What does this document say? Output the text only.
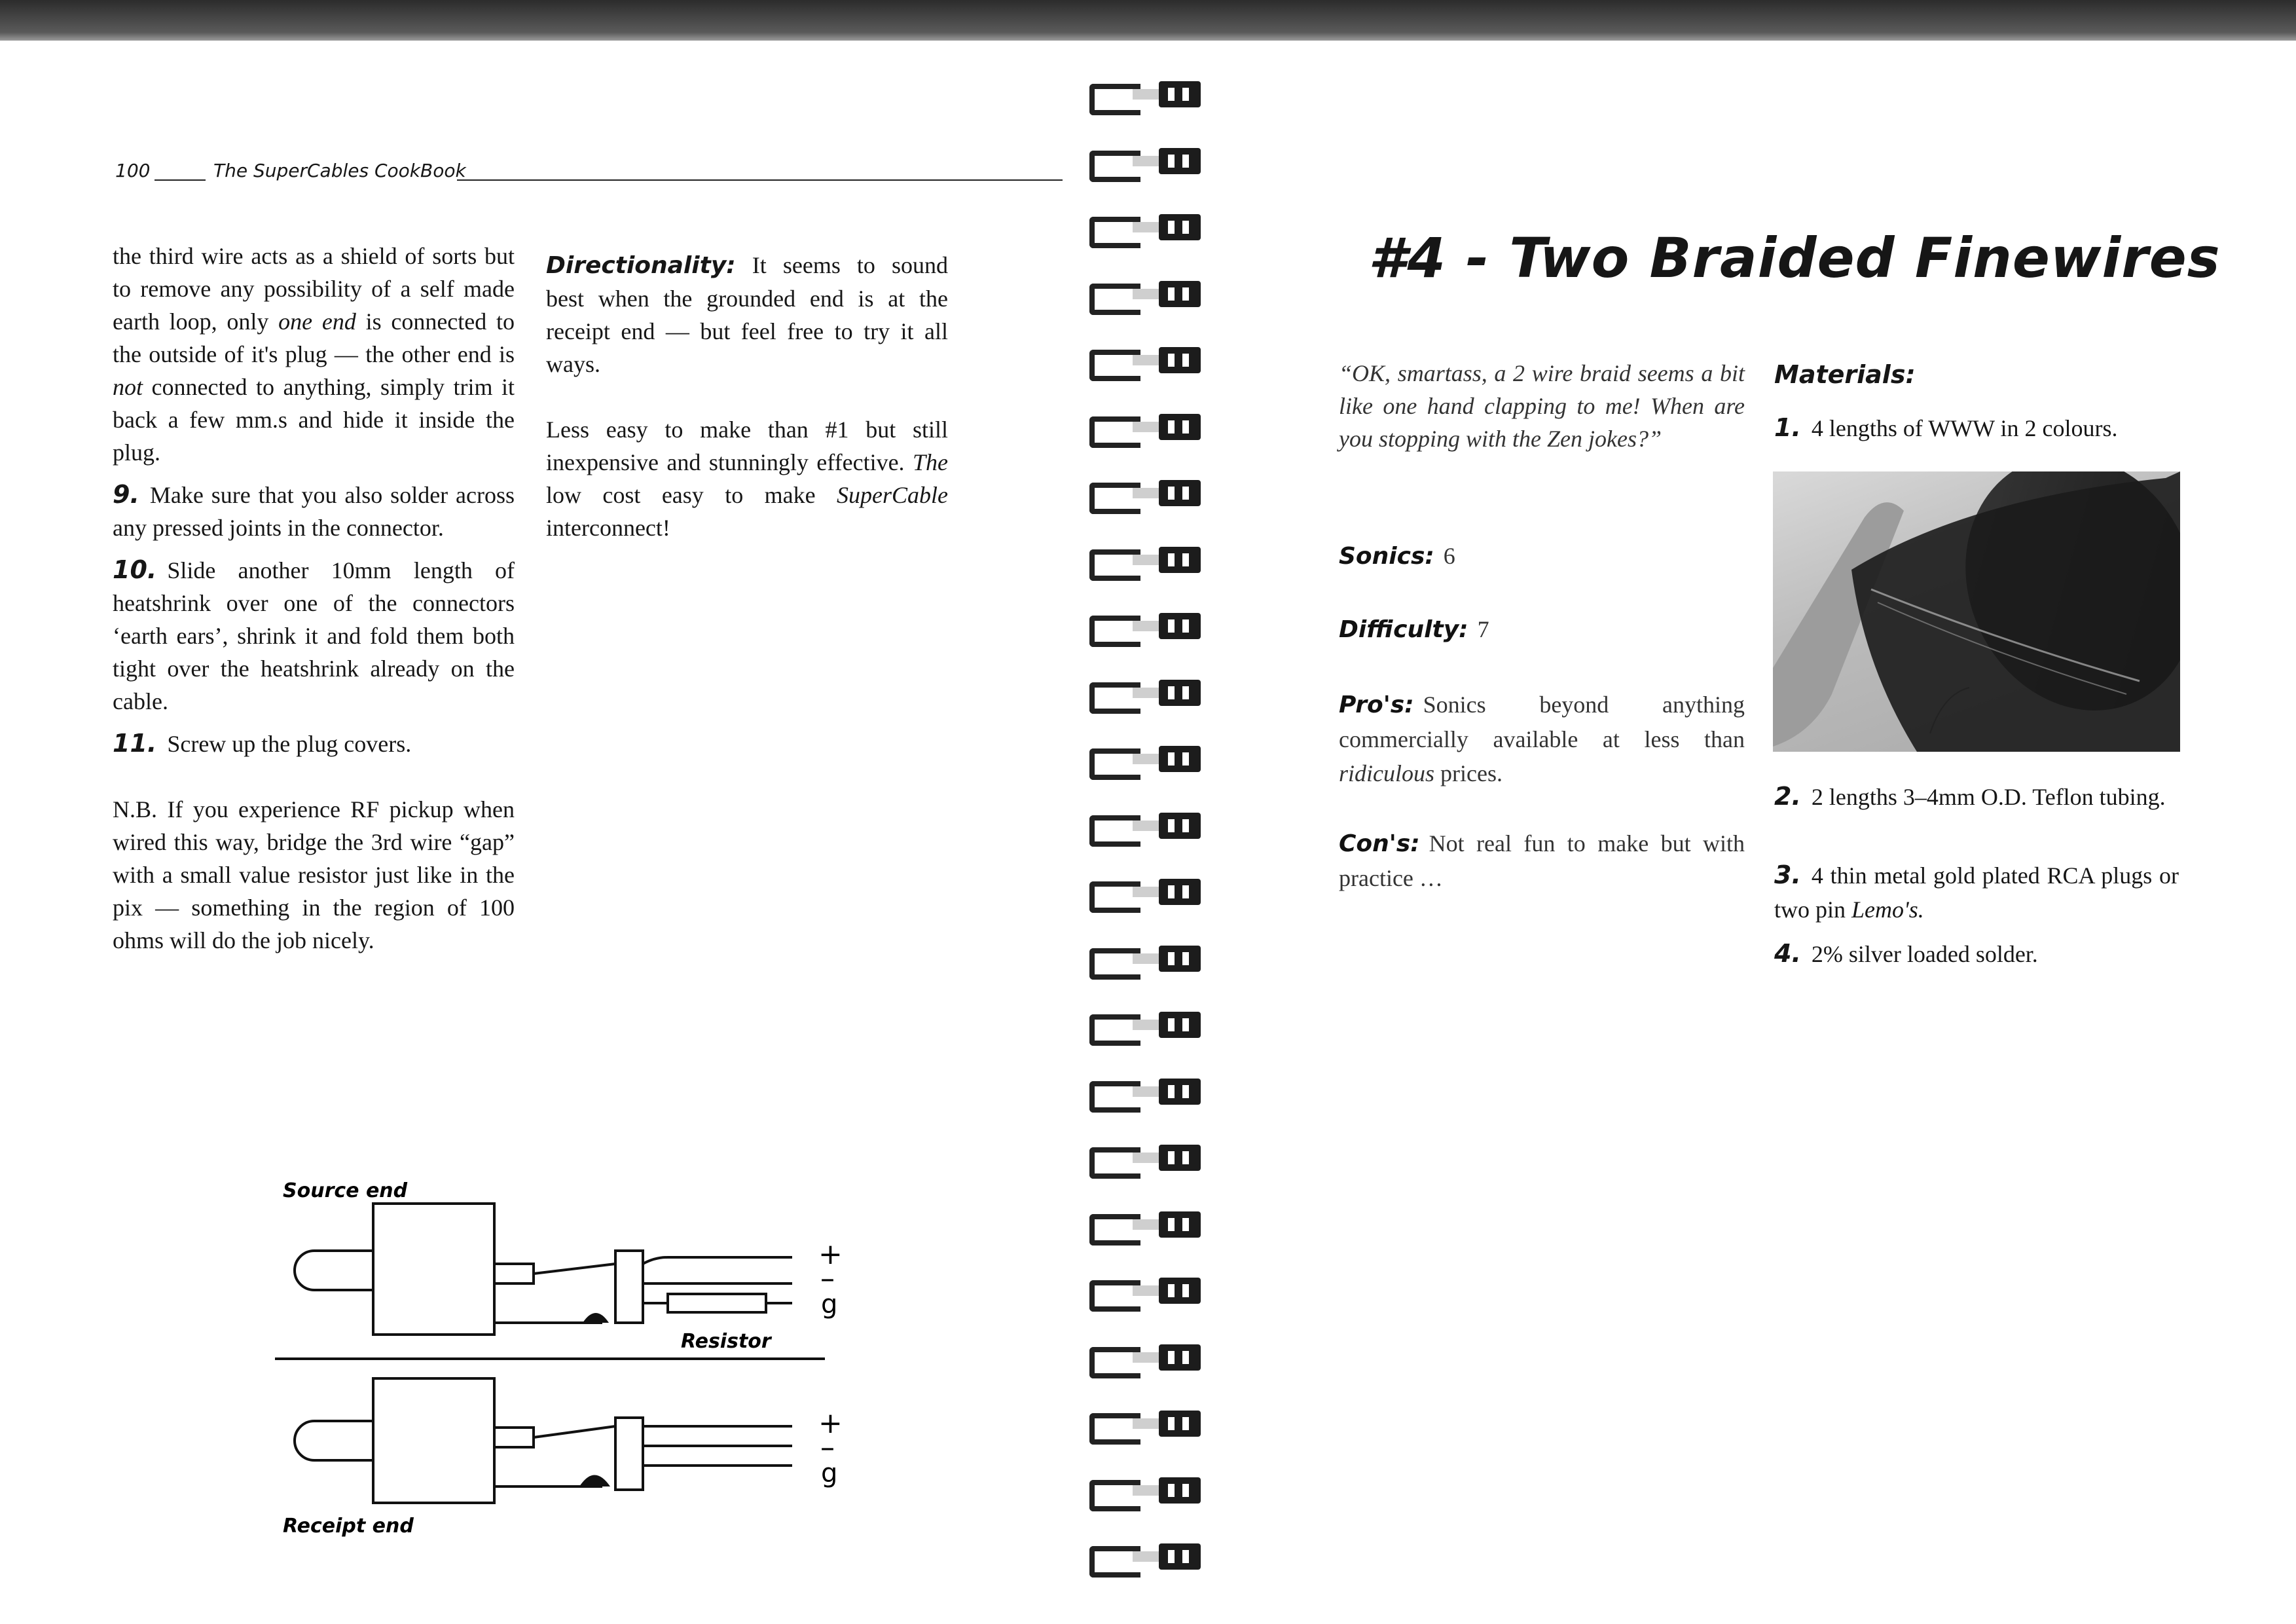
100	The SuperCables CookBook

the third wire acts as a shield of sorts but to remove any possibility of a self made earth loop, only one end is connected to the outside of it's plug — the other end is not connected to anything, simply trim it back a few mm.s and hide it inside the plug.

9. Make sure that you also solder across any pressed joints in the connector.

10. Slide another 10mm length of heatshrink over one of the connectors ‘earth ears’, shrink it and fold them both tight over the heatshrink already on the cable.

11. Screw up the plug covers.

N.B. If you experience RF pickup when wired this way, bridge the 3rd wire “gap” with a small value resistor just like in the pix — something in the region of 100 ohms will do the job nicely.

Directionality: It seems to sound best when the grounded end is at the receipt end — but feel free to try it all ways.

Less easy to make than #1 but still inexpensive and stunningly effective. The low cost easy to make SuperCable interconnect!

Source end
+
–
g
Resistor
+
–
g
Receipt end
#4 - Two Braided Finewires
“OK, smartass, a 2 wire braid seems a bit like one hand clapping to me! When are you stopping with the Zen jokes?”
Sonics: 6
Difficulty: 7
Pro's: Sonics beyond anything commercially available at less than ridiculous prices.
Con's: Not real fun to make but with practice …
Materials:
1. 4 lengths of WWW in 2 colours.
2. 2 lengths 3–4mm O.D. Teflon tubing.
3. 4 thin metal gold plated RCA plugs or two pin Lemo's.
4. 2% silver loaded solder.
